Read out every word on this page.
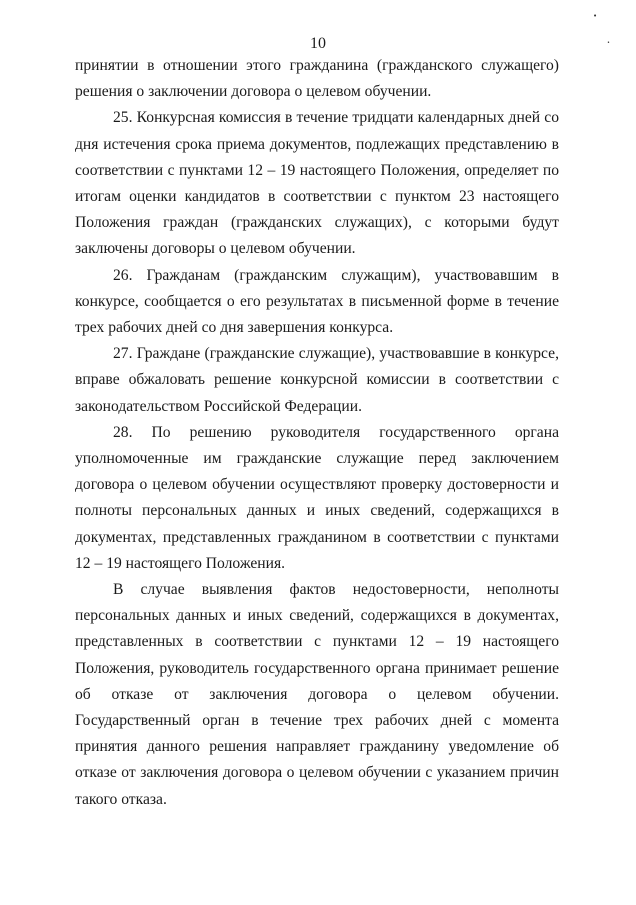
•
•
10

принятии в отношении этого гражданина (гражданского служащего) решения о заключении договора о целевом обучении.

25. Конкурсная комиссия в течение тридцати календарных дней со дня истечения срока приема документов, подлежащих представлению в соответствии с пунктами 12 – 19 настоящего Положения, определяет по итогам оценки кандидатов в соответствии с пунктом 23 настоящего Положения граждан (гражданских служащих), с которыми будут заключены договоры о целевом обучении.

26. Гражданам (гражданским служащим), участвовавшим в конкурсе, сообщается о его результатах в письменной форме в течение трех рабочих дней со дня завершения конкурса.

27. Граждане (гражданские служащие), участвовавшие в конкурсе, вправе обжаловать решение конкурсной комиссии в соответствии с законодательством Российской Федерации.

28. По решению руководителя государственного органа уполномоченные им гражданские служащие перед заключением договора о целевом обучении осуществляют проверку достоверности и полноты персональных данных и иных сведений, содержащихся в документах, представленных гражданином в соответствии с пунктами 12 – 19 настоящего Положения.

В случае выявления фактов недостоверности, неполноты персональных данных и иных сведений, содержащихся в документах, представленных в соответствии с пунктами 12 – 19 настоящего Положения, руководитель государственного органа принимает решение об отказе от заключения договора о целевом обучении. Государственный орган в течение трех рабочих дней с момента принятия данного решения направляет гражданину уведомление об отказе от заключения договора о целевом обучении с указанием причин такого отказа.
